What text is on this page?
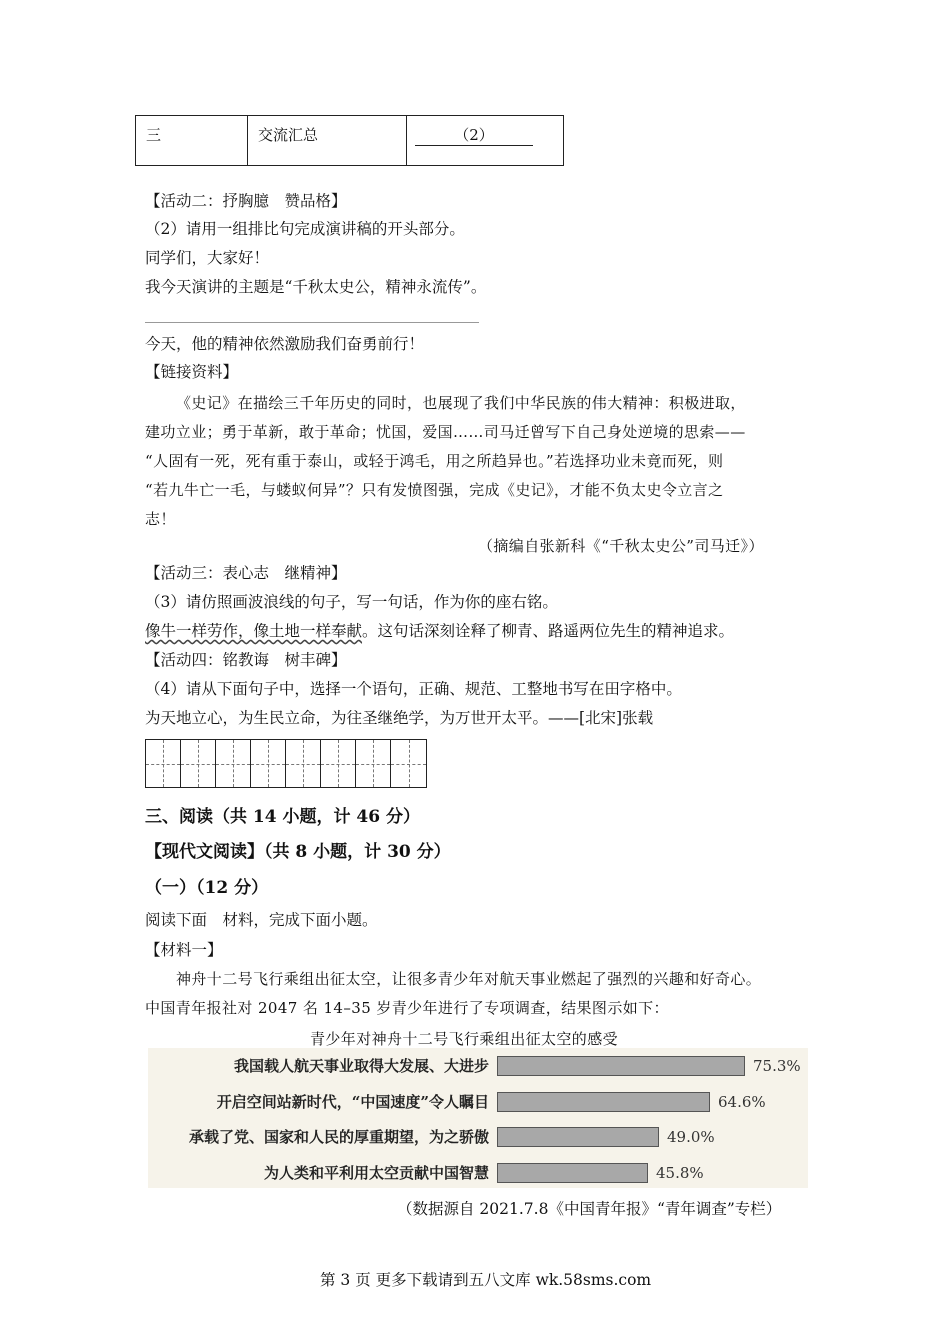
三	交流汇总	（2）
【活动二：抒胸臆　赞品格】
（2）请用一组排比句完成演讲稿的开头部分。
同学们，大家好！
我今天演讲的主题是“千秋太史公，精神永流传”。
今天，他的精神依然激励我们奋勇前行！
【链接资料】
《史记》在描绘三千年历史的同时，也展现了我们中华民族的伟大精神：积极进取，
建功立业；勇于革新，敢于革命；忧国，爱国……司马迁曾写下自己身处逆境的思索——
“人固有一死，死有重于泰山，或轻于鸿毛，用之所趋异也。”若选择功业未竟而死，则
“若九牛亡一毛，与蝼蚁何异”？只有发愤图强，完成《史记》，才能不负太史令立言之
志！
（摘编自张新科《“千秋太史公”司马迁》）
【活动三：表心志　继精神】
（3）请仿照画波浪线的句子，写一句话，作为你的座右铭。
像牛一样劳作，像土地一样奉献。这句话深刻诠释了柳青、路遥两位先生的精神追求。
【活动四：铭教诲　树丰碑】
（4）请从下面句子中，选择一个语句，正确、规范、工整地书写在田字格中。
为天地立心，为生民立命，为往圣继绝学，为万世开太平。——[北宋]张载
三、阅读（共 14 小题，计 46 分）
【现代文阅读】（共 8 小题，计 30 分）
（一）（12 分）
阅读下面　材料，完成下面小题。
【材料一】
神舟十二号飞行乘组出征太空，让很多青少年对航天事业燃起了强烈的兴趣和好奇心。
中国青年报社对 2047 名 14–35 岁青少年进行了专项调查，结果图示如下：
青少年对神舟十二号飞行乘组出征太空的感受
我国载人航天事业取得大发展、大进步	75.3%
开启空间站新时代，“中国速度”令人瞩目	64.6%
承载了党、国家和人民的厚重期望，为之骄傲	49.0%
为人类和平利用太空贡献中国智慧	45.8%
（数据源自 2021.7.8《中国青年报》“青年调查”专栏）
第 3 页 更多下载请到五八文库 wk.58sms.com
